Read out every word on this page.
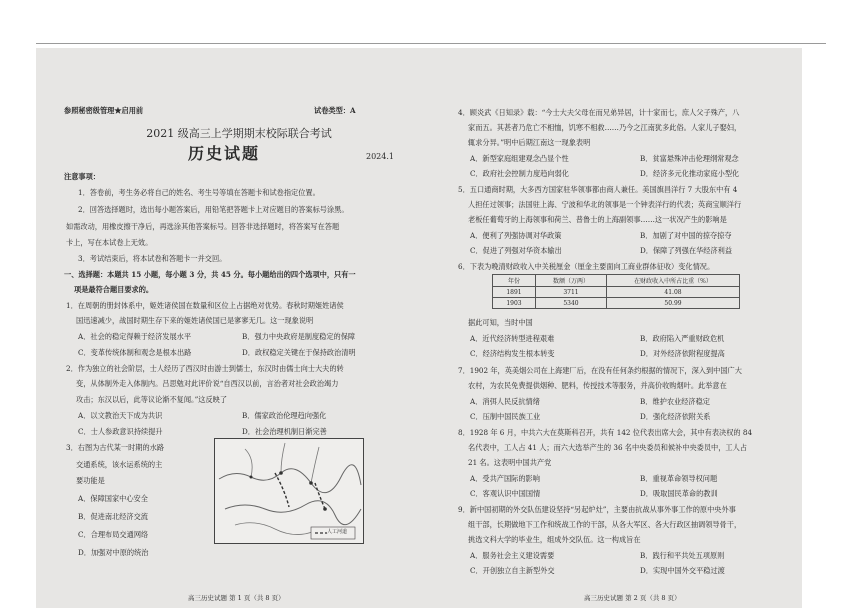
参照秘密级管理★启用前	试卷类型：A
2021 级高三上学期期末校际联合考试
历史试题	2024.1
注意事项：
1．答卷前，考生务必将自己的姓名、考生号等填在答题卡和试卷指定位置。
2．回答选择题时，选出每小题答案后，用铅笔把答题卡上对应题目的答案标号涂黑。
如需改动，用橡皮擦干净后，再选涂其他答案标号。回答非选择题时，将答案写在答题
卡上，写在本试卷上无效。
3．考试结束后，将本试卷和答题卡一并交回。
一、选择题：本题共 15 小题，每小题 3 分，共 45 分。每小题给出的四个选项中，只有一
项是最符合题目要求的。
1．在周朝的册封体系中，姬姓诸侯国在数量和区位上占据绝对优势。春秋时期姬姓诸侯
国迅速减少，战国时期生存下来的姬姓诸侯国已是寥寥无几。这一现象说明
A．社会的稳定得赖于经济发展水平	B．强力中央政府是制度稳定的保障
C．变革传统体制和观念是根本出路	D．政权稳定关键在于保持政治清明
2．作为独立的社会阶层，士人经历了西汉时由游士到儒士，东汉时由儒士向士大夫的转
变，从体制外走入体制内。吕思勉对此评价说“自西汉以前，言治者对社会政治竭力
攻击；东汉以后，此等议论渐不复闻。”这反映了
A．以文教治天下成为共识	B．儒家政治伦理趋向强化
C．士人参政意识持续提升	D．社会治理机制日渐完善
3．右图为古代某一时期的水路
交通系统，该水运系统的主
要功能是
A．保障国家中心安全
B．促进南北经济交流
C．合理布局交通网络
D．加强对中原的统治
人工河道
高三历史试题 第 1 页（共 8 页）
4．顾炎武《日知录》载：“今士大夫父母在而兄弟异居，计十家而七，庶人父子殊产，八
家而五。其甚者乃危亡不相恤，饥寒不相救……乃今之江南犹多此俗。人家儿子娶妇，
辄求分异。”明中后期江南这一现象表明
A．新型家庭组建观念凸显个性	B．贫富悬殊冲击伦理纲常观念
C．政府社会控制力度趋向弱化	D．经济多元化推动家庭小型化
5．五口通商时期，大多西方国家驻华领事都由商人兼任。美国旗昌洋行 7 大股东中有 4
人担任过领事；法国驻上海、宁波和华北的领事是一个钟表洋行的代表；英商宝顺洋行
老板任葡萄牙的上海领事和荷兰、普鲁士的上海副领事……这一状况产生的影响是
A．便利了列强协调对华政策	B．加剧了对中国的掠夺掠夺
C．促进了列强对华资本输出	D．保障了列强在华经济利益
6．下表为晚清财政收入中关税厘金（厘金主要面向工商业群体征收）变化情况。
年份	数额（万两）	在财政收入中所占比重（%）
1891	3711	41.08
1903	5340	50.99
据此可知，当时中国
A．近代经济转型进程艰难	B．政府陷入严重财政危机
C．经济结构发生根本转变	D．对外经济依附程度提高
7．1902 年，英美烟公司在上海建厂后，在没有任何条约根据的情况下，深入到中国广大
农村，为农民免费提供烟种、肥料，传授技术等服务，并高价收购烟叶。此举意在
A．消弭人民反抗情绪	B．维护农业经济稳定
C．压制中国民族工业	D．强化经济依附关系
8．1928 年 6 月，中共六大在莫斯科召开，共有 142 位代表出席大会，其中有表决权的 84
名代表中，工人占 41 人；而六大选举产生的 36 名中央委员和候补中央委员中，工人占
21 名。这表明中国共产党
A．受共产国际的影响	B．重视革命领导权问题
C．客观认识中国国情	D．吸取国民革命的教训
9．新中国初期的外交队伍建设坚持“另起炉灶”，主要由抗战从事外事工作的原中央外事
组干部，长期做地下工作和统战工作的干部，从各大军区、各大行政区抽调领导骨干，
挑选文科大学的毕业生，组成外交队伍。这一构成旨在
A．服务社会主义建设需要	B．践行和平共处五项原则
C．开创独立自主新型外交	D．实现中国外交平稳过渡
高三历史试题 第 2 页（共 8 页）
